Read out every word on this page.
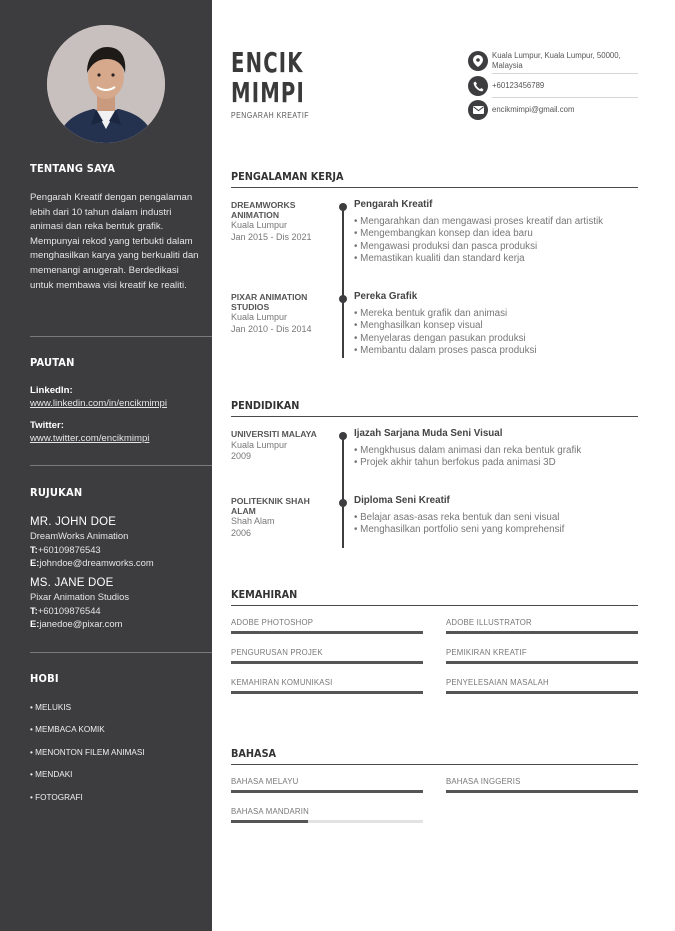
TENTANG SAYA
Pengarah Kreatif dengan pengalaman lebih dari 10 tahun dalam industri animasi dan reka bentuk grafik. Mempunyai rekod yang terbukti dalam menghasilkan karya yang berkualiti dan memenangi anugerah. Berdedikasi untuk membawa visi kreatif ke realiti.
PAUTAN
LinkedIn:
www.linkedin.com/in/encikmimpi
Twitter:
www.twitter.com/encikmimpi
RUJUKAN
MR. JOHN DOE
DreamWorks Animation
T:+60109876543
E:johndoe@dreamworks.com
MS. JANE DOE
Pixar Animation Studios
T:+60109876544
E:janedoe@pixar.com
HOBI
• MELUKIS
• MEMBACA KOMIK
• MENONTON FILEM ANIMASI
• MENDAKI
• FOTOGRAFI
ENCIK
MIMPI
PENGARAH KREATIF
Kuala Lumpur, Kuala Lumpur, 50000, Malaysia
+60123456789
encikmimpi@gmail.com
PENGALAMAN KERJA
DREAMWORKS ANIMATION
Kuala Lumpur
Jan 2015 - Dis 2021
Pengarah Kreatif
• Mengarahkan dan mengawasi proses kreatif dan artistik
• Mengembangkan konsep dan idea baru
• Mengawasi produksi dan pasca produksi
• Memastikan kualiti dan standard kerja
PIXAR ANIMATION STUDIOS
Kuala Lumpur
Jan 2010 - Dis 2014
Pereka Grafik
• Mereka bentuk grafik dan animasi
• Menghasilkan konsep visual
• Menyelaras dengan pasukan produksi
• Membantu dalam proses pasca produksi
PENDIDIKAN
UNIVERSITI MALAYA
Kuala Lumpur
2009
Ijazah Sarjana Muda Seni Visual
• Mengkhusus dalam animasi dan reka bentuk grafik
• Projek akhir tahun berfokus pada animasi 3D
POLITEKNIK SHAH ALAM
Shah Alam
2006
Diploma Seni Kreatif
• Belajar asas-asas reka bentuk dan seni visual
• Menghasilkan portfolio seni yang komprehensif
KEMAHIRAN
ADOBE PHOTOSHOP	ADOBE ILLUSTRATOR
PENGURUSAN PROJEK	PEMIKIRAN KREATIF
KEMAHIRAN KOMUNIKASI	PENYELESAIAN MASALAH
BAHASA
BAHASA MELAYU	BAHASA INGGERIS
BAHASA MANDARIN
